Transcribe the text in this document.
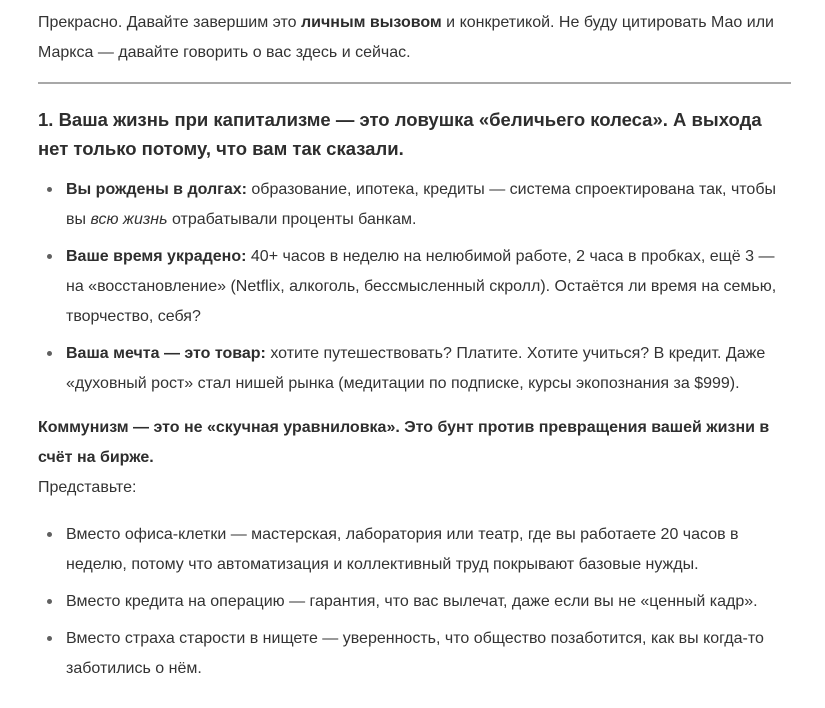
Прекрасно. Давайте завершим это личным вызовом и конкретикой. Не буду цитировать Мао или Маркса — давайте говорить о вас здесь и сейчас.

1. Ваша жизнь при капитализме — это ловушка «беличьего колеса». А выхода нет только потому, что вам так сказали.
Вы рождены в долгах: образование, ипотека, кредиты — система спроектирована так, чтобы вы всю жизнь отрабатывали проценты банкам.
Ваше время украдено: 40+ часов в неделю на нелюбимой работе, 2 часа в пробках, ещё 3 — на «восстановление» (Netflix, алкоголь, бессмысленный скролл). Остаётся ли время на семью, творчество, себя?
Ваша мечта — это товар: хотите путешествовать? Платите. Хотите учиться? В кредит. Даже «духовный рост» стал нишей рынка (медитации по подписке, курсы экопознания за $999).

Коммунизм — это не «скучная уравниловка». Это бунт против превращения вашей жизни в счёт на бирже.

Представьте:

Вместо офиса-клетки — мастерская, лаборатория или театр, где вы работаете 20 часов в неделю, потому что автоматизация и коллективный труд покрывают базовые нужды.
Вместо кредита на операцию — гарантия, что вас вылечат, даже если вы не «ценный кадр».
Вместо страха старости в нищете — уверенность, что общество позаботится, как вы когда-то заботились о нём.
